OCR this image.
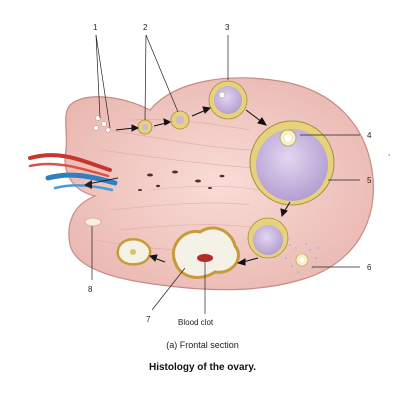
1	2	3
4
5
6
7
8
Blood clot
(a) Frontal section
Histology of the ovary.
,
